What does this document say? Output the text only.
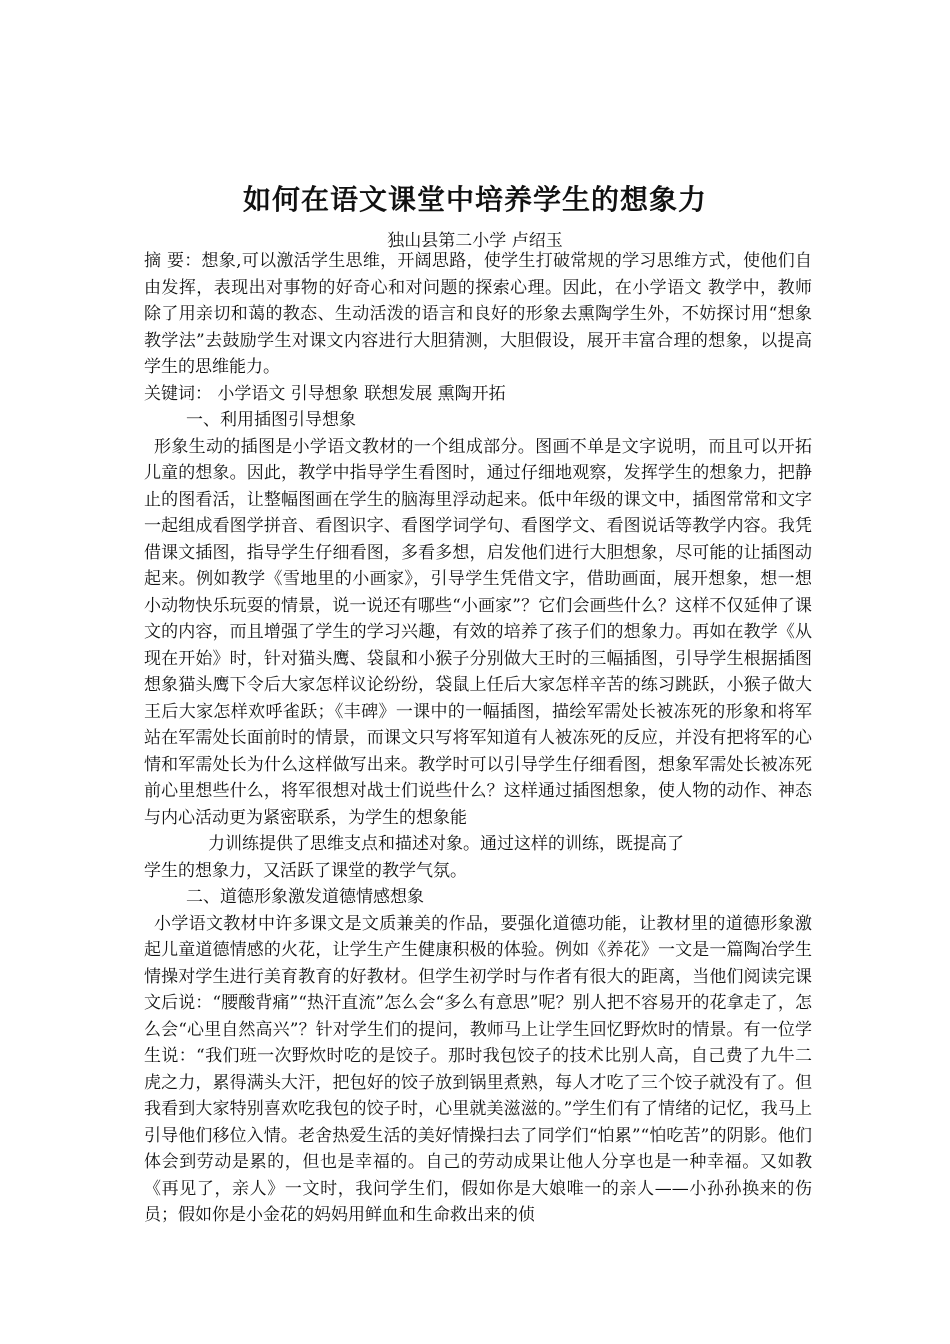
如何在语文课堂中培养学生的想象力
独山县第二小学 卢绍玉

摘 要：想象,可以激活学生思维，开阔思路，使学生打破常规的学习思维方式，使他们自由发挥，表现出对事物的好奇心和对问题的探索心理。因此，在小学语文 教学中，教师除了用亲切和蔼的教态、生动活泼的语言和良好的形象去熏陶学生外，不妨探讨用“想象教学法”去鼓励学生对课文内容进行大胆猜测，大胆假设，展开丰富合理的想象，以提高学生的思维能力。

关键词： 小学语文 引导想象 联想发展 熏陶开拓

一、利用插图引导想象

形象生动的插图是小学语文教材的一个组成部分。图画不单是文字说明，而且可以开拓儿童的想象。因此，教学中指导学生看图时，通过仔细地观察，发挥学生的想象力，把静止的图看活，让整幅图画在学生的脑海里浮动起来。低中年级的课文中，插图常常和文字一起组成看图学拼音、看图识字、看图学词学句、看图学文、看图说话等教学内容。我凭借课文插图，指导学生仔细看图，多看多想，启发他们进行大胆想象，尽可能的让插图动起来。例如教学《雪地里的小画家》，引导学生凭借文字，借助画面，展开想象，想一想小动物快乐玩耍的情景，说一说还有哪些“小画家”？它们会画些什么？这样不仅延伸了课文的内容，而且增强了学生的学习兴趣，有效的培养了孩子们的想象力。再如在教学《从现在开始》时，针对猫头鹰、袋鼠和小猴子分别做大王时的三幅插图，引导学生根据插图想象猫头鹰下令后大家怎样议论纷纷，袋鼠上任后大家怎样辛苦的练习跳跃，小猴子做大王后大家怎样欢呼雀跃；《丰碑》一课中的一幅插图，描绘军需处长被冻死的形象和将军站在军需处长面前时的情景，而课文只写将军知道有人被冻死的反应，并没有把将军的心情和军需处长为什么这样做写出来。教学时可以引导学生仔细看图，想象军需处长被冻死前心里想些什么，将军很想对战士们说些什么？这样通过插图想象，使人物的动作、神态与内心活动更为紧密联系，为学生的想象能

力训练提供了思维支点和描述对象。通过这样的训练，既提高了

学生的想象力，又活跃了课堂的教学气氛。

二、道德形象激发道德情感想象

小学语文教材中许多课文是文质兼美的作品，要强化道德功能，让教材里的道德形象激起儿童道德情感的火花，让学生产生健康积极的体验。例如《养花》一文是一篇陶冶学生情操对学生进行美育教育的好教材。但学生初学时与作者有很大的距离，当他们阅读完课文后说：“腰酸背痛”“热汗直流”怎么会“多么有意思”呢？别人把不容易开的花拿走了，怎么会“心里自然高兴”？针对学生们的提问，教师马上让学生回忆野炊时的情景。有一位学生说：“我们班一次野炊时吃的是饺子。那时我包饺子的技术比别人高，自己费了九牛二虎之力，累得满头大汗，把包好的饺子放到锅里煮熟，每人才吃了三个饺子就没有了。但我看到大家特别喜欢吃我包的饺子时，心里就美滋滋的。”学生们有了情绪的记忆，我马上引导他们移位入情。老舍热爱生活的美好情操扫去了同学们“怕累”“怕吃苦”的阴影。他们体会到劳动是累的，但也是幸福的。自己的劳动成果让他人分享也是一种幸福。又如教《再见了，亲人》一文时，我问学生们，假如你是大娘唯一的亲人——小孙孙换来的伤员；假如你是小金花的妈妈用鲜血和生命救出来的侦
